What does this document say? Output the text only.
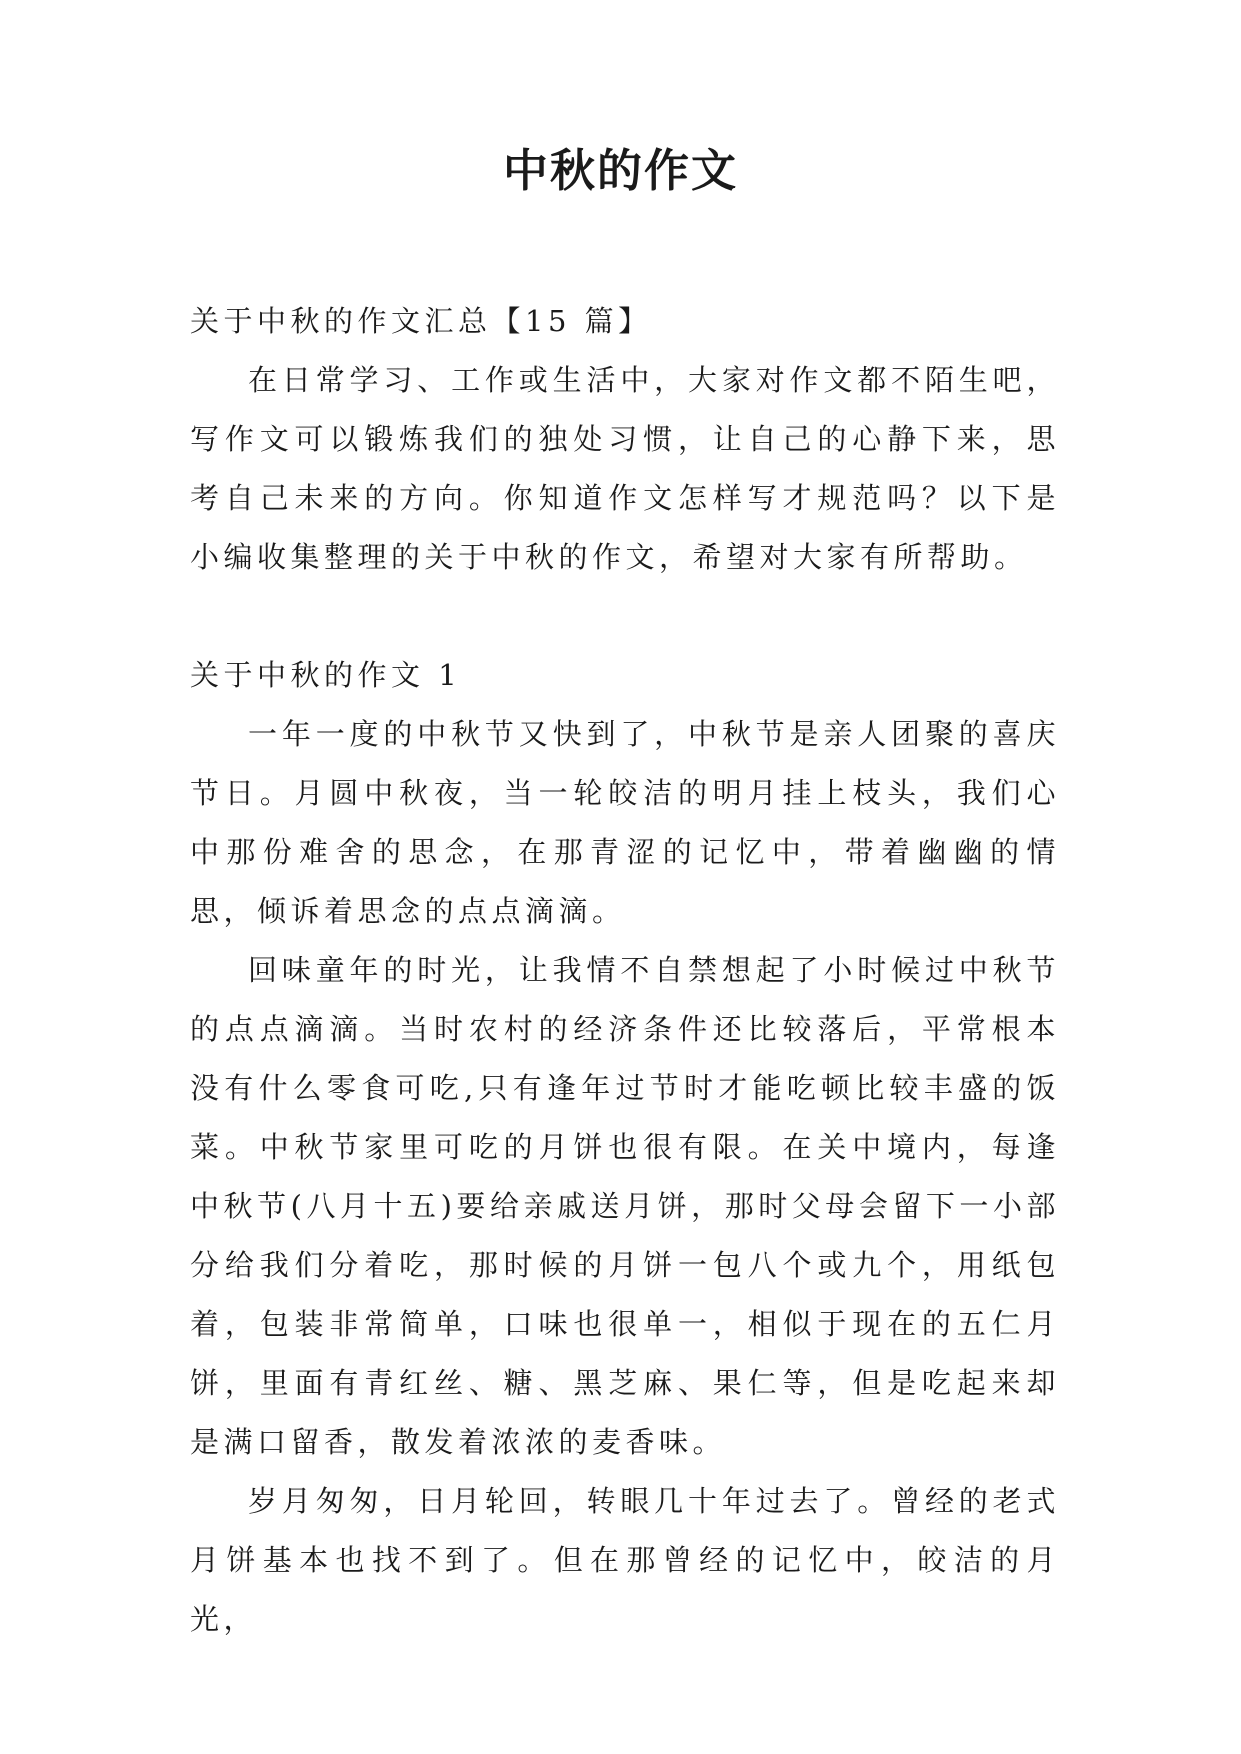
中秋的作文

关于中秋的作文汇总【15 篇】

在日常学习、工作或生活中，大家对作文都不陌生吧，写作文可以锻炼我们的独处习惯，让自己的心静下来，思考自己未来的方向。你知道作文怎样写才规范吗？以下是小编收集整理的关于中秋的作文，希望对大家有所帮助。

关于中秋的作文 1

一年一度的中秋节又快到了，中秋节是亲人团聚的喜庆节日。月圆中秋夜，当一轮皎洁的明月挂上枝头，我们心中那份难舍的思念，在那青涩的记忆中，带着幽幽的情思，倾诉着思念的点点滴滴。

回味童年的时光，让我情不自禁想起了小时候过中秋节的点点滴滴。当时农村的经济条件还比较落后，平常根本没有什么零食可吃,只有逢年过节时才能吃顿比较丰盛的饭菜。中秋节家里可吃的月饼也很有限。在关中境内，每逢中秋节(八月十五)要给亲戚送月饼，那时父母会留下一小部分给我们分着吃，那时候的月饼一包八个或九个，用纸包着，包装非常简单，口味也很单一，相似于现在的五仁月饼，里面有青红丝、糖、黑芝麻、果仁等，但是吃起来却是满口留香，散发着浓浓的麦香味。

岁月匆匆，日月轮回，转眼几十年过去了。曾经的老式月饼基本也找不到了。但在那曾经的记忆中，皎洁的月光，
